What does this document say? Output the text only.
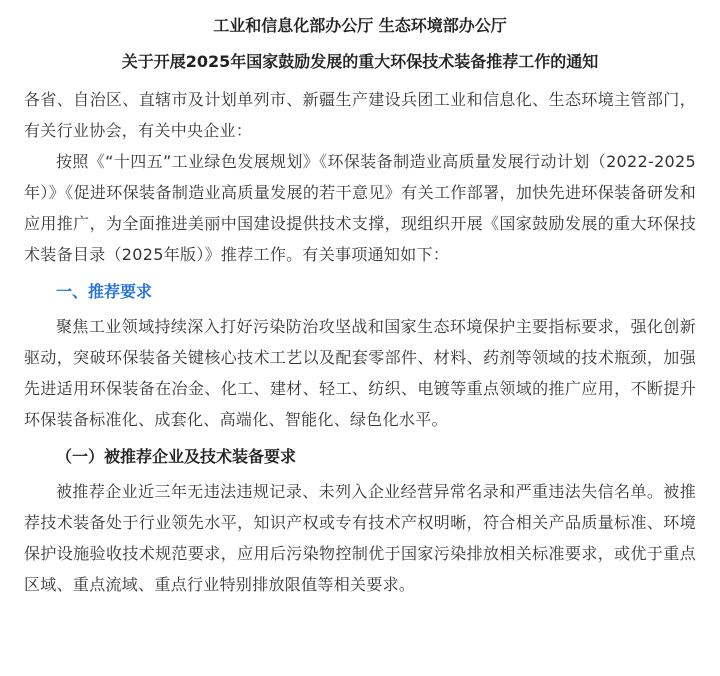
工业和信息化部办公厅 生态环境部办公厅

关于开展2025年国家鼓励发展的重大环保技术装备推荐工作的通知

各省、自治区、直辖市及计划单列市、新疆生产建设兵团工业和信息化、生态环境主管部门，有关行业协会，有关中央企业：

按照《“十四五”工业绿色发展规划》《环保装备制造业高质量发展行动计划（2022-2025年）》《促进环保装备制造业高质量发展的若干意见》有关工作部署，加快先进环保装备研发和应用推广，为全面推进美丽中国建设提供技术支撑，现组织开展《国家鼓励发展的重大环保技术装备目录（2025年版）》推荐工作。有关事项通知如下：

一、推荐要求

聚焦工业领域持续深入打好污染防治攻坚战和国家生态环境保护主要指标要求，强化创新驱动，突破环保装备关键核心技术工艺以及配套零部件、材料、药剂等领域的技术瓶颈，加强先进适用环保装备在冶金、化工、建材、轻工、纺织、电镀等重点领域的推广应用，不断提升环保装备标准化、成套化、高端化、智能化、绿色化水平。

（一）被推荐企业及技术装备要求

被推荐企业近三年无违法违规记录、未列入企业经营异常名录和严重违法失信名单。被推荐技术装备处于行业领先水平，知识产权或专有技术产权明晰，符合相关产品质量标准、环境保护设施验收技术规范要求，应用后污染物控制优于国家污染排放相关标准要求，或优于重点区域、重点流域、重点行业特别排放限值等相关要求。
